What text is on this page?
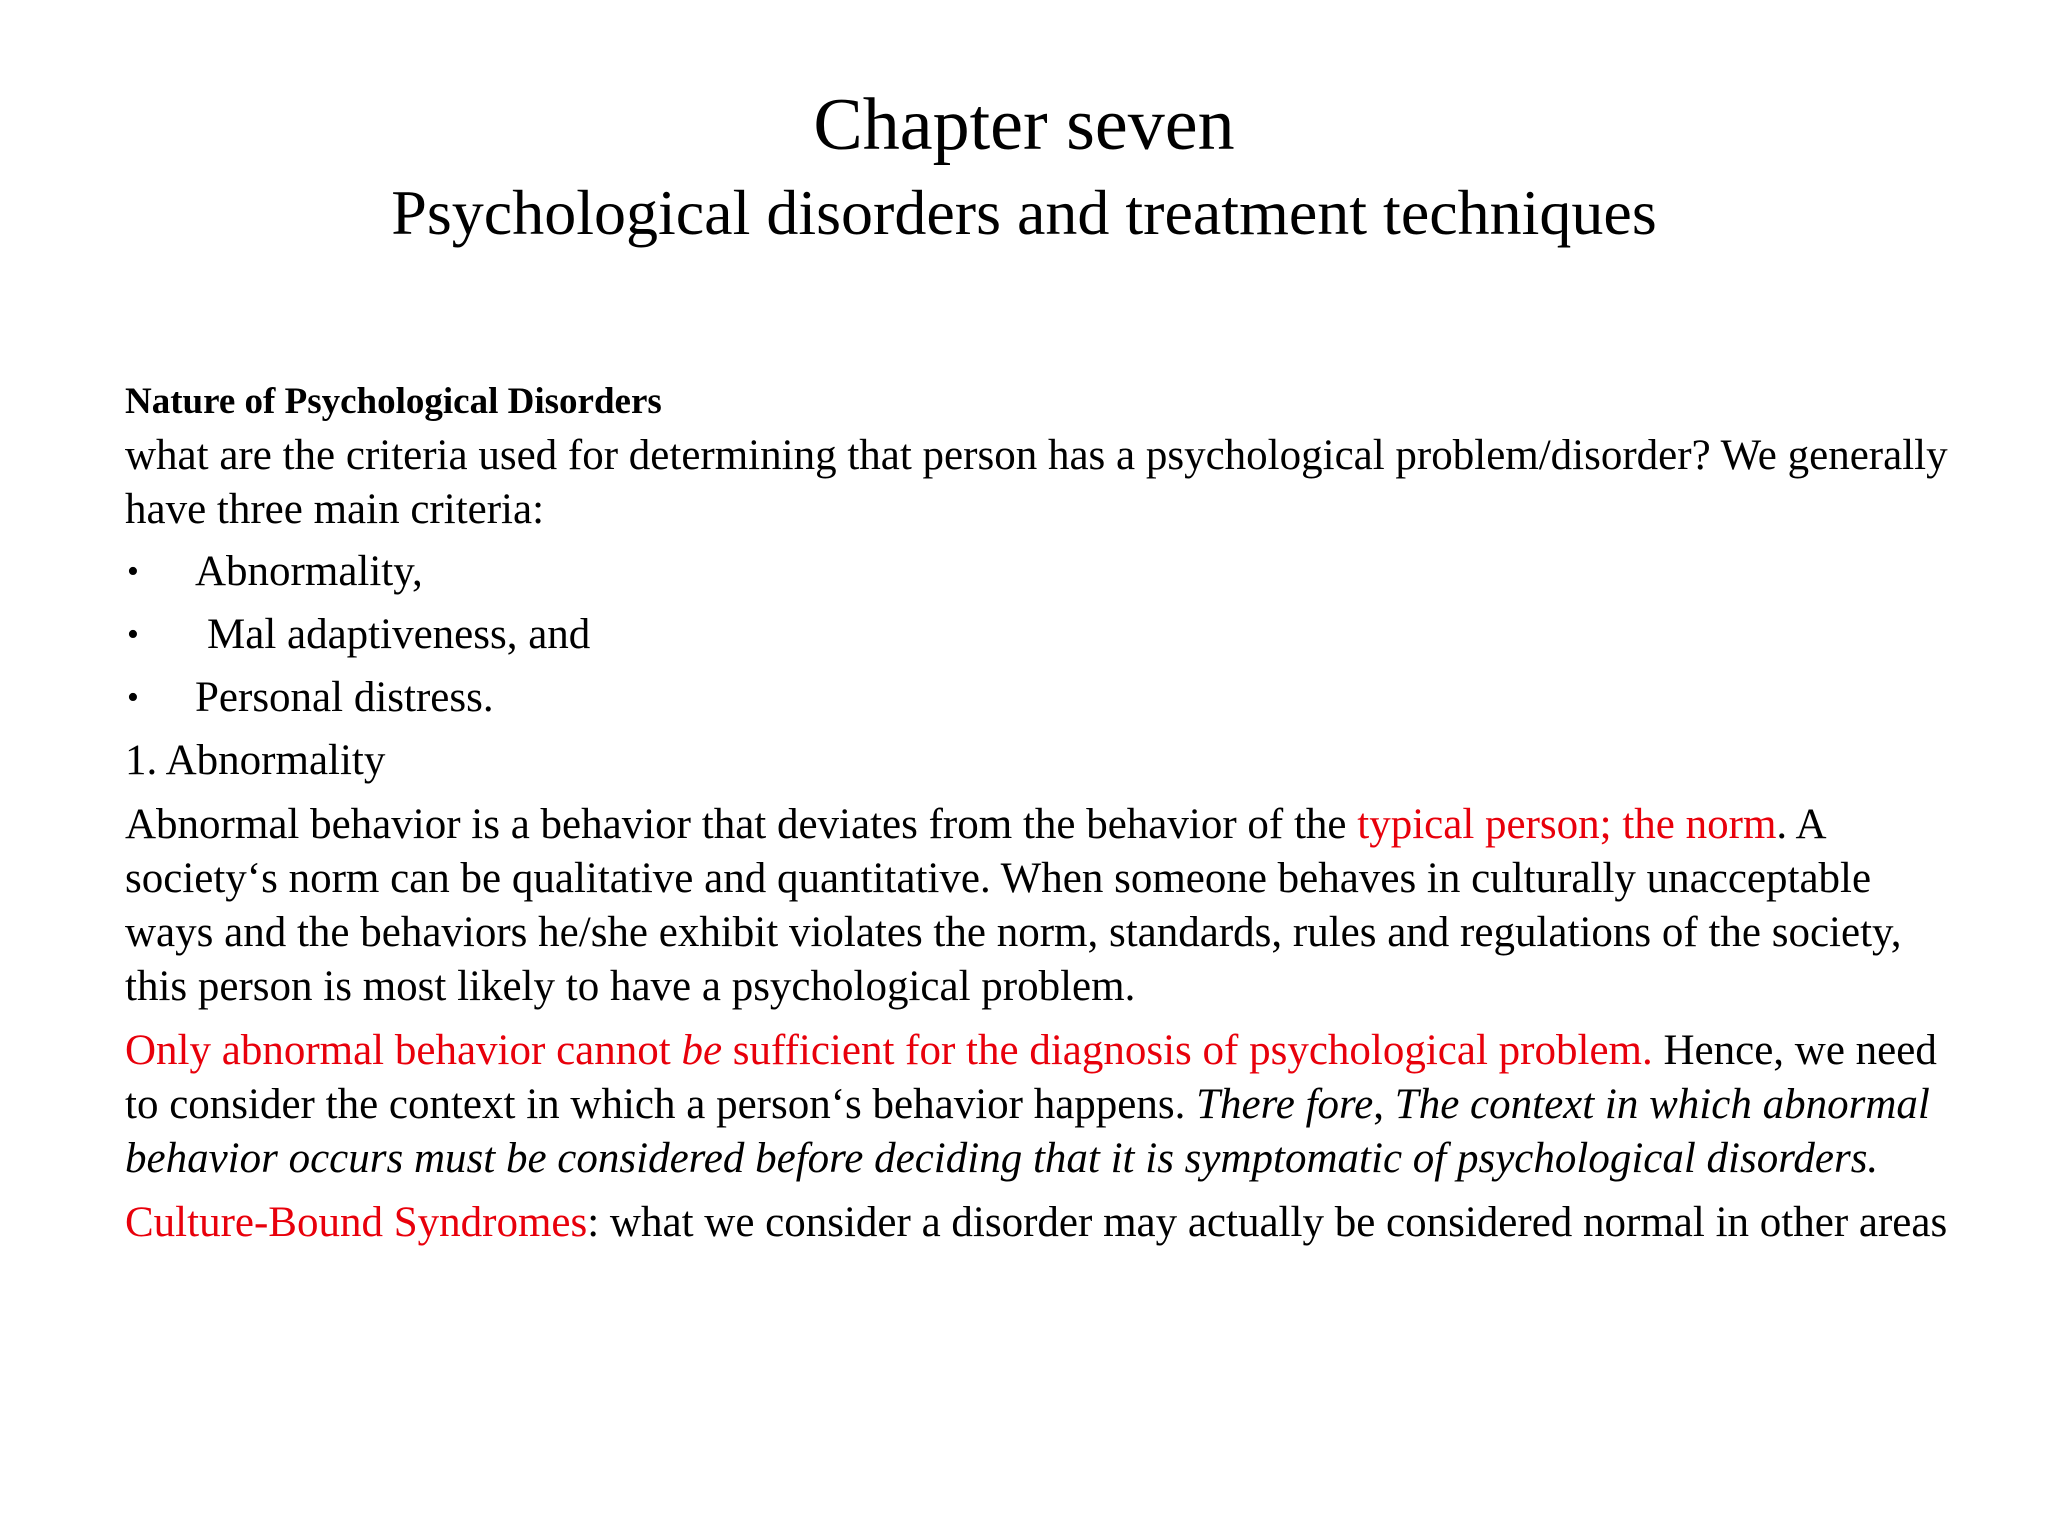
Chapter seven
Psychological disorders and treatment techniques

Nature of Psychological Disorders

what are the criteria used for determining that person has a psychological problem/disorder? We generally have three main criteria:

• Abnormality,
• Mal adaptiveness, and
• Personal distress.

1. Abnormality

Abnormal behavior is a behavior that deviates from the behavior of the typical person; the norm. A society‘s norm can be qualitative and quantitative. When someone behaves in culturally unacceptable ways and the behaviors he/she exhibit violates the norm, standards, rules and regulations of the society, this person is most likely to have a psychological problem.

Only abnormal behavior cannot be sufficient for the diagnosis of psychological problem. Hence, we need to consider the context in which a person‘s behavior happens. There fore, The context in which abnormal behavior occurs must be considered before deciding that it is symptomatic of psychological disorders.

Culture-Bound Syndromes: what we consider a disorder may actually be considered normal in other areas
